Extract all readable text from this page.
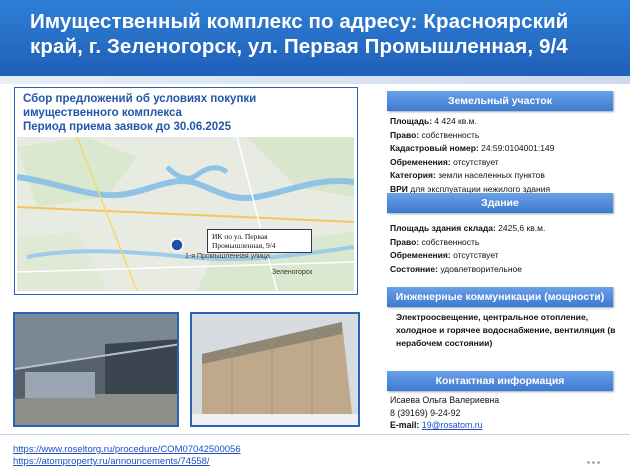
Имущественный комплекс по адресу: Красноярский край, г. Зеленогорск, ул. Первая Промышленная, 9/4
Сбор предложений об условиях покупки имущественного комплекса
Период приема заявок до 30.06.2025
ИК по ул. Первая Промышленная, 9/4
1-я Промышленная улица
Зеленогорск
https://www.roseltorg.ru/procedure/COM07042500056
https://atompropertу.ru/announcements/74558/
Земельный участок
Площадь: 4 424 кв.м.
Право: собственность
Кадастровый номер: 24:59:0104001:149
Обременения: отсутствует
Категория: земли населенных пунктов
ВРИ для эксплуатации нежилого здания
Здание
Площадь здания склада: 2425,6 кв.м.
Право: собственность
Обременения: отсутствует
Состояние: удовлетворительное
Инженерные коммуникации (мощности)
Электроосвещение, центральное отопление, холодное и горячее водоснабжение, вентиляция (в нерабочем состоянии)
Контактная информация
Исаева Ольга Валериевна
8 (39169) 9-24-92
E-mail: 19@rosatom.ru
▪ ▪ ▪
